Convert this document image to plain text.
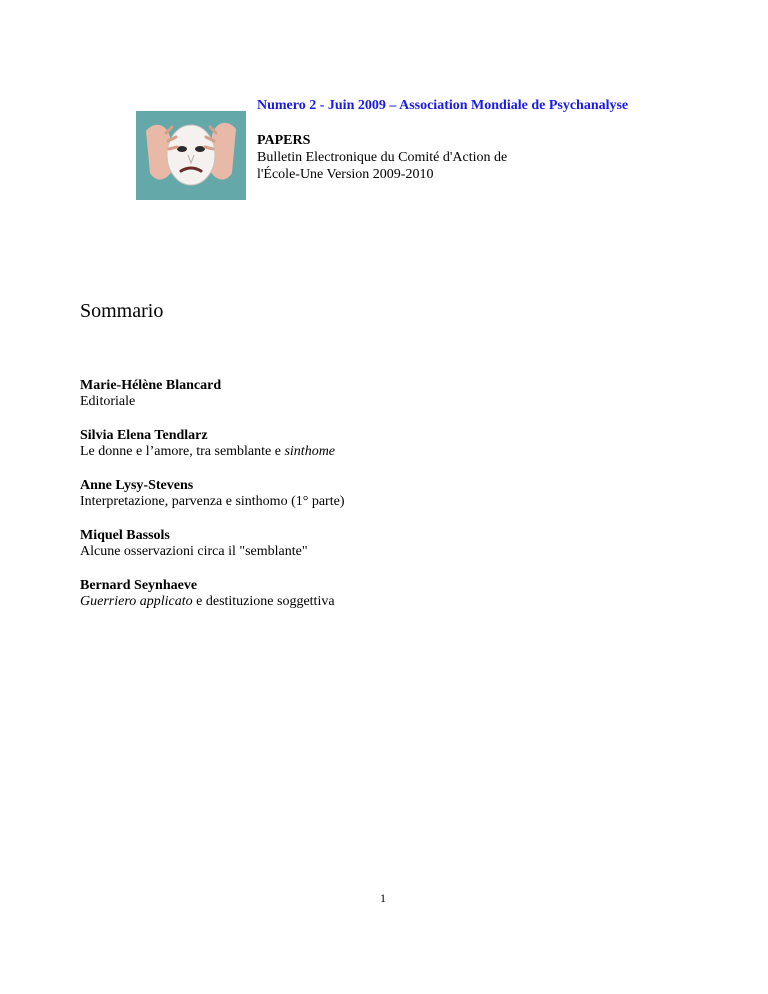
Numero 2 - Juin 2009 – Association Mondiale de Psychanalyse

PAPERS

Bulletin Electronique du Comité d'Action de l'École-Une Version 2009-2010

Sommario
Marie-Hélène Blancard
Editoriale
Silvia Elena Tendlarz
Le donne e l’amore, tra semblante e sinthome
Anne Lysy-Stevens
Interpretazione, parvenza e sinthomo (1° parte)
Miquel Bassols
Alcune osservazioni circa il "semblante"
Bernard Seynhaeve
Guerriero applicato e destituzione soggettiva
1
